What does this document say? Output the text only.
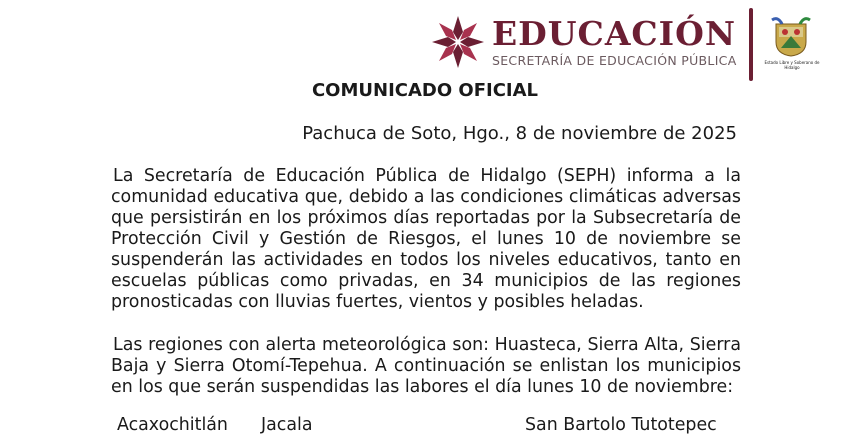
EDUCACIÓN
SECRETARÍA DE EDUCACIÓN PÚBLICA	Estado Libre y Soberano de Hidalgo
COMUNICADO OFICIAL
Pachuca de Soto, Hgo., 8 de noviembre de 2025
La Secretaría de Educación Pública de Hidalgo (SEPH) informa a la comunidad educativa que, debido a las condiciones climáticas adversas que persistirán en los próximos días reportadas por la Subsecretaría de Protección Civil y Gestión de Riesgos, el lunes 10 de noviembre se suspenderán las actividades en todos los niveles educativos, tanto en escuelas públicas como privadas, en 34 municipios de las regiones pronosticadas con lluvias fuertes, vientos y posibles heladas.
Las regiones con alerta meteorológica son: Huasteca, Sierra Alta, Sierra Baja y Sierra Otomí-Tepehua. A continuación se enlistan los municipios en los que serán suspendidas las labores el día lunes 10 de noviembre:
Acaxochitlán Jacala	San Bartolo Tutotepec
